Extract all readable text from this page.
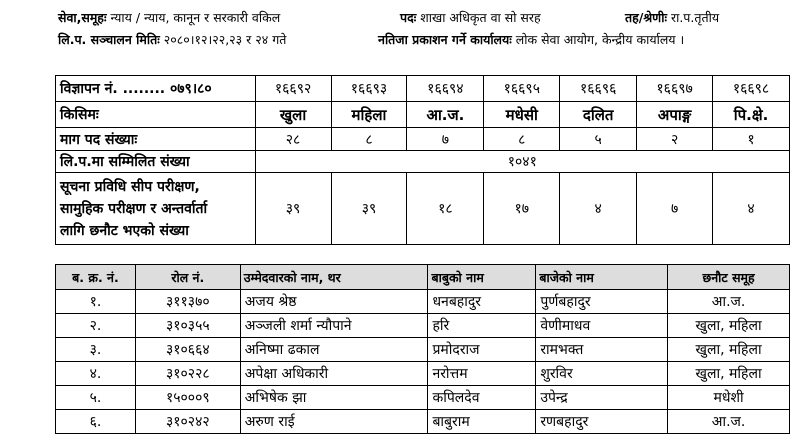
सेवा,समूहः न्याय / न्याय, कानून र सरकारी वकिल	पदः शाखा अधिकृत वा सो सरह	तह/श्रेणीः रा.प.तृतीय
लि.प. सञ्चालन मितिः २०८०।१२।२२,२३ र २४ गते	नतिजा प्रकाशन गर्ने कार्यालयः लोक सेवा आयोग, केन्द्रीय कार्यालय ।
विज्ञापन नं. ........ ०७९।८०	१६६९२	१६६९३	१६६९४	१६६९५	१६६९६	१६६९७	१६६९८
किसिमः	खुला	महिला	आ.ज.	मधेसी	दलित	अपाङ्ग	पि.क्षे.
माग पद संख्याः	२८	८	७	८	५	२	१
लि.प.मा सम्मिलित संख्या	१०४१						

सूचना प्रविधि सीप परीक्षण,
सामुहिक परीक्षण र अन्तर्वार्ता
लागि छनौट भएको संख्या	३९	३९	१८	१७	४	७	४
ब. क्र. नं.	रोल नं.	उम्मेदवारको नाम, थर	बाबुको नाम	बाजेको नाम	छनौट समूह
१.	३११३७०	अजय श्रेष्ठ	धनबहादुर	पुर्णबहादुर	आ.ज.
२.	३१०३५५	अञ्जली शर्मा न्यौपाने	हरि	वेणीमाधव	खुला, महिला
३.	३१०६६४	अनिष्मा ढकाल	प्रमोदराज	रामभक्त	खुला, महिला
४.	३१०२२८	अपेक्षा अधिकारी	नरोत्तम	शुरविर	खुला, महिला
५.	१५०००९	अभिषेक झा	कपिलदेव	उपेन्द्र	मधेशी
६.	३१०२४२	अरुण राई	बाबुराम	रणबहादुर	आ.ज.
